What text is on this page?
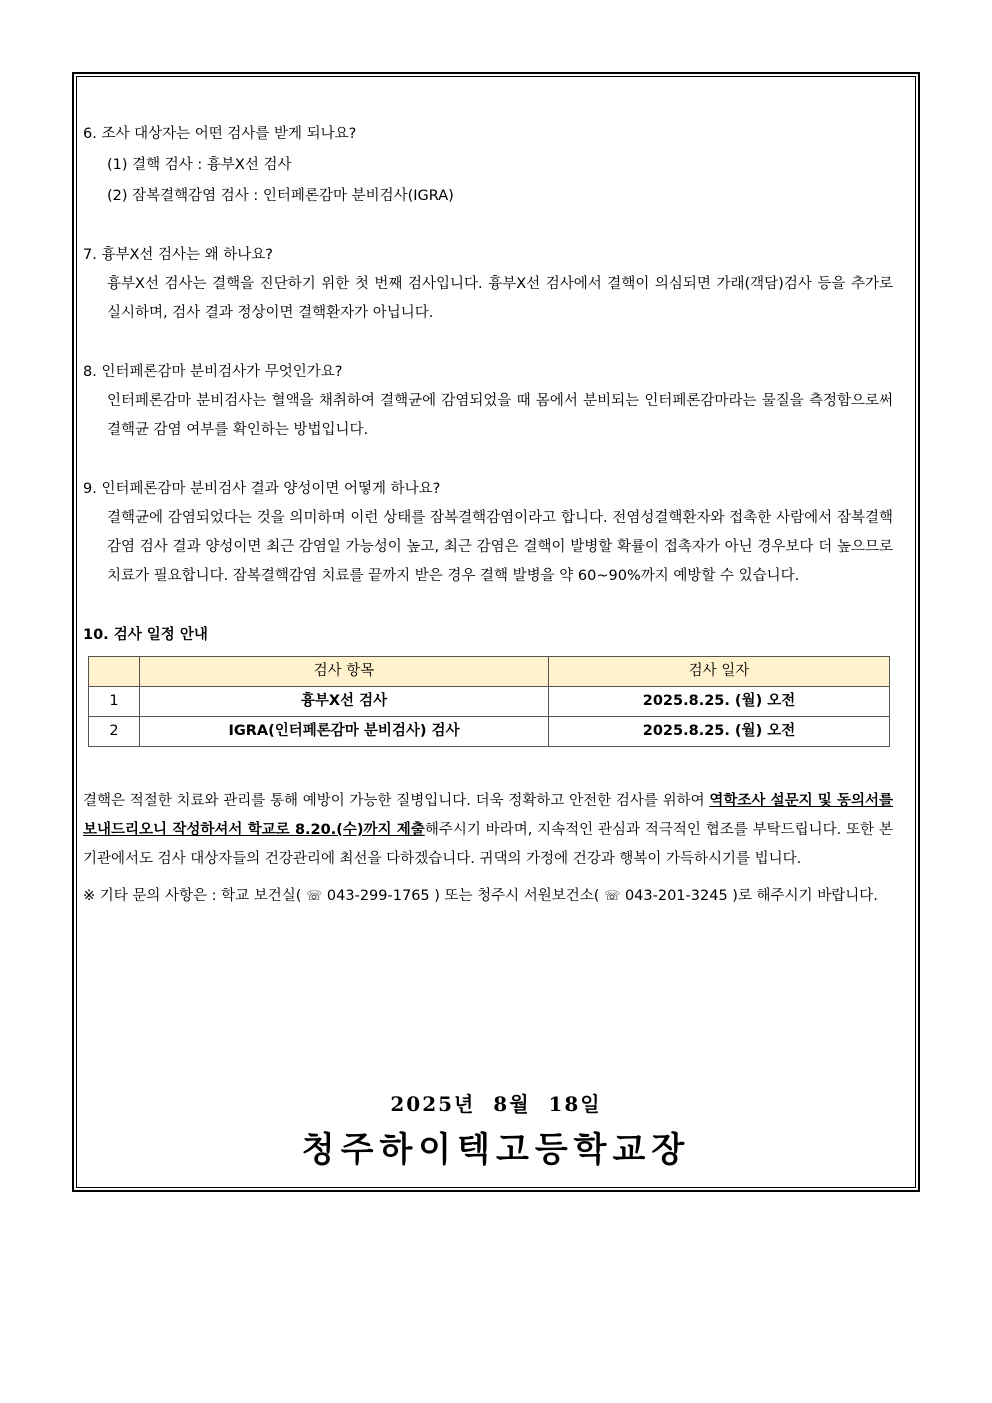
6. 조사 대상자는 어떤 검사를 받게 되나요?

(1) 결핵 검사 : 흉부X선 검사

(2) 잠복결핵감염 검사 : 인터페론감마 분비검사(IGRA)

7. 흉부X선 검사는 왜 하나요?

흉부X선 검사는 결핵을 진단하기 위한 첫 번째 검사입니다. 흉부X선 검사에서 결핵이 의심되면 가래(객담)검사 등을 추가로 실시하며, 검사 결과 정상이면 결핵환자가 아닙니다.

8. 인터페론감마 분비검사가 무엇인가요?

인터페론감마 분비검사는 혈액을 채취하여 결핵균에 감염되었을 때 몸에서 분비되는 인터페론감마라는 물질을 측정함으로써 결핵균 감염 여부를 확인하는 방법입니다.

9. 인터페론감마 분비검사 결과 양성이면 어떻게 하나요?

결핵균에 감염되었다는 것을 의미하며 이런 상태를 잠복결핵감염이라고 합니다. 전염성결핵환자와 접촉한 사람에서 잠복결핵감염 검사 결과 양성이면 최근 감염일 가능성이 높고, 최근 감염은 결핵이 발병할 확률이 접촉자가 아닌 경우보다 더 높으므로 치료가 필요합니다. 잠복결핵감염 치료를 끝까지 받은 경우 결핵 발병을 약 60~90%까지 예방할 수 있습니다.

10. 검사 일정 안내

	검사 항목	검사 일자
1	흉부X선 검사	2025.8.25. (월) 오전
2	IGRA(인터페론감마 분비검사) 검사	2025.8.25. (월) 오전

결핵은 적절한 치료와 관리를 통해 예방이 가능한 질병입니다. 더욱 정확하고 안전한 검사를 위하여 역학조사 설문지 및 동의서를 보내드리오니 작성하셔서 학교로 8.20.(수)까지 제출해주시기 바라며, 지속적인 관심과 적극적인 협조를 부탁드립니다. 또한 본 기관에서도 검사 대상자들의 건강관리에 최선을 다하겠습니다. 귀댁의 가정에 건강과 행복이 가득하시기를 빕니다.

※ 기타 문의 사항은 : 학교 보건실( ☏ 043-299-1765 ) 또는 청주시 서원보건소( ☏ 043-201-3245 )로 해주시기 바랍니다.

2025년  8월  18일
청주하이텍고등학교장
